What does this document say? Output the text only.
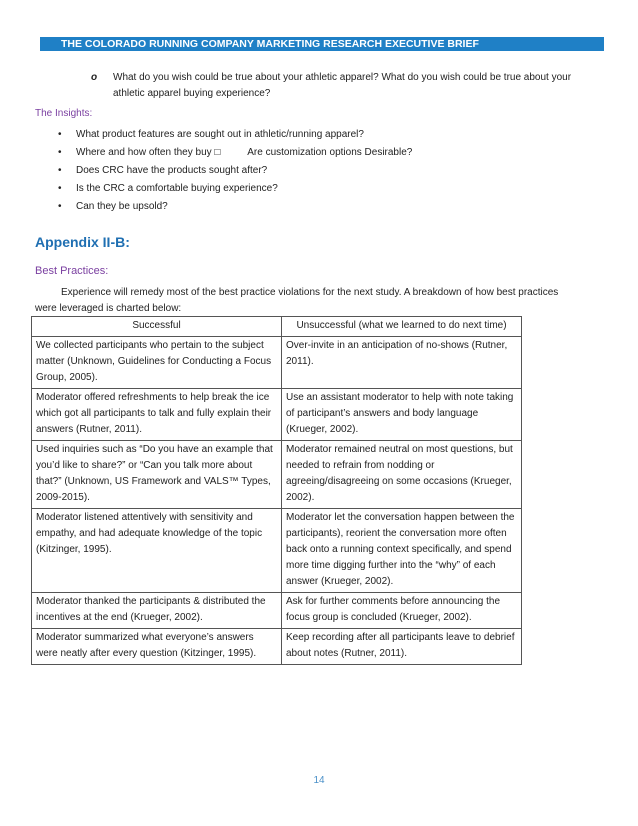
THE COLORADO RUNNING COMPANY MARKETING RESEARCH EXECUTIVE BRIEF
o	What do you wish could be true about your athletic apparel? What do you wish could be true about your athletic apparel buying experience?
The Insights:
• What product features are sought out in athletic/running apparel?
• Where and how often they buy □	Are customization options Desirable?
• Does CRC have the products sought after?
• Is the CRC a comfortable buying experience?
• Can they be upsold?
Appendix II-B:
Best Practices:
Experience will remedy most of the best practice violations for the next study. A breakdown of how best practices were leveraged is charted below:
Successful	Unsuccessful (what we learned to do next time)
We collected participants who pertain to the subject matter (Unknown, Guidelines for Conducting a Focus Group, 2005).	Over-invite in an anticipation of no-shows (Rutner, 2011).
Moderator offered refreshments to help break the ice which got all participants to talk and fully explain their answers (Rutner, 2011).	Use an assistant moderator to help with note taking of participant’s answers and body language (Krueger, 2002).
Used inquiries such as “Do you have an example that you’d like to share?” or “Can you talk more about that?” (Unknown, US Framework and VALS™ Types, 2009-2015).	Moderator remained neutral on most questions, but needed to refrain from nodding or agreeing/disagreeing on some occasions (Krueger, 2002).
Moderator listened attentively with sensitivity and empathy, and had adequate knowledge of the topic (Kitzinger, 1995).	Moderator let the conversation happen between the participants), reorient the conversation more often back onto a running context specifically, and spend more time digging further into the “why” of each answer (Krueger, 2002).
Moderator thanked the participants & distributed the incentives at the end (Krueger, 2002).	Ask for further comments before announcing the focus group is concluded (Krueger, 2002).
Moderator summarized what everyone’s answers were neatly after every question (Kitzinger, 1995).	Keep recording after all participants leave to debrief about notes (Rutner, 2011).
14
